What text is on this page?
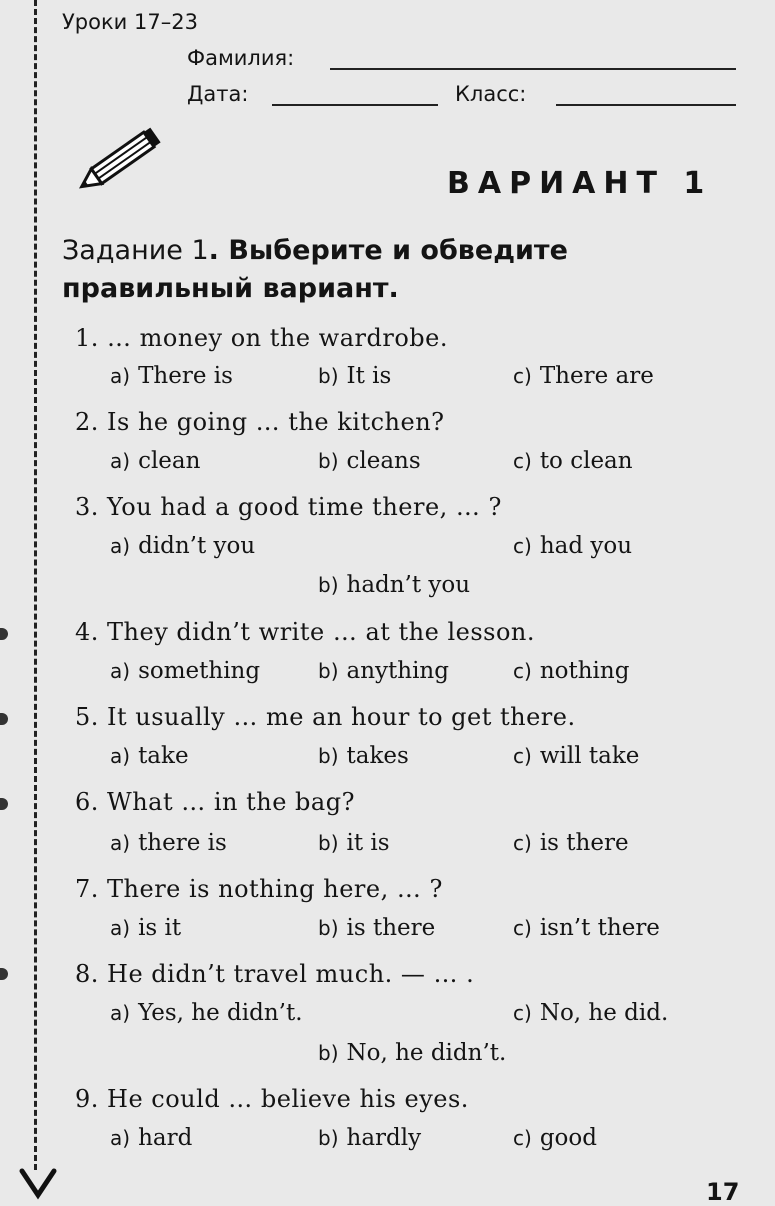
Уроки 17–23
Фамилия:
Дата:	Класс:
ВАРИАНТ 1
Задание 1. Выберите и обведите правильный вариант.
1. … money on the wardrobe.
a) There is	b) It is	c) There are
2. Is he going … the kitchen?
a) clean	b) cleans	c) to clean
3. You had a good time there, … ?
a) didn’t you
b) hadn’t you
c) had you
4. They didn’t write … at the lesson.
a) something	b) anything	c) nothing
5. It usually … me an hour to get there.
a) take	b) takes	c) will take
6. What … in the bag?
a) there is	b) it is	c) is there
7. There is nothing here, … ?
a) is it	b) is there	c) isn’t there
8. He didn’t travel much. — … .
a) Yes, he didn’t.
b) No, he didn’t.
c) No, he did.
9. He could … believe his eyes.
a) hard	b) hardly	c) good
17
